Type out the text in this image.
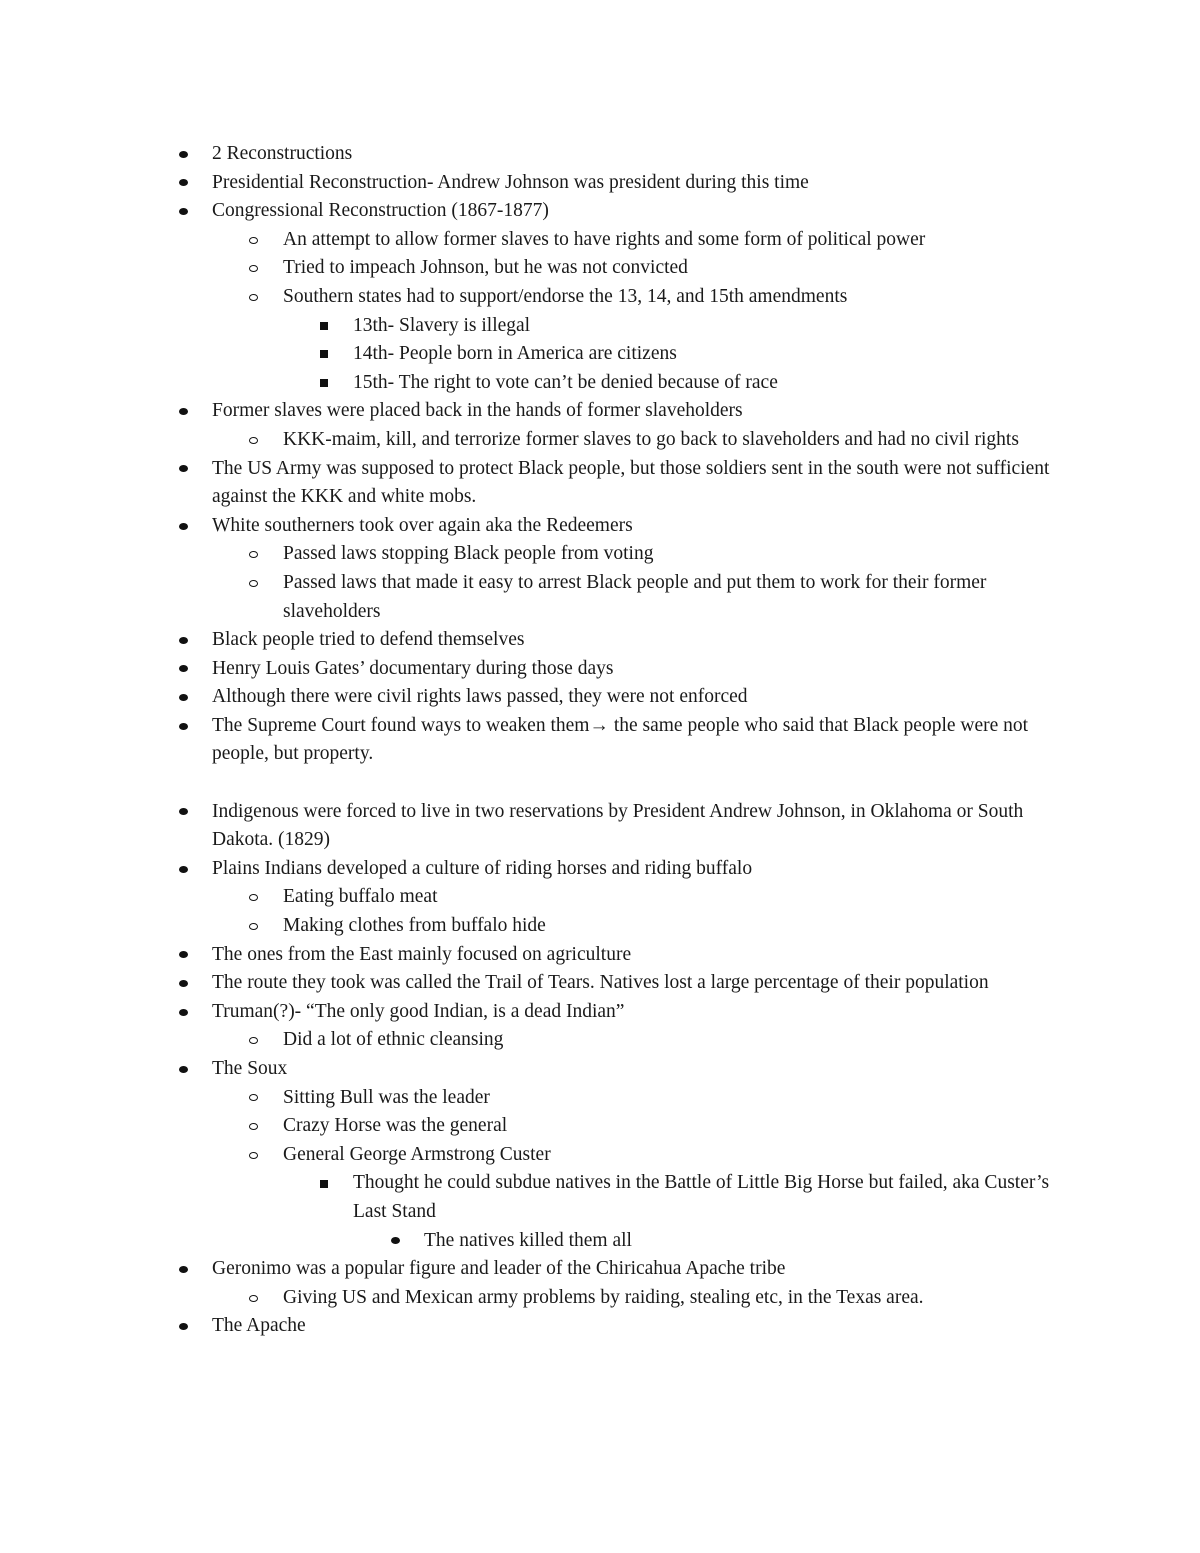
2 Reconstructions
Presidential Reconstruction- Andrew Johnson was president during this time
Congressional Reconstruction (1867-1877)
An attempt to allow former slaves to have rights and some form of political power
Tried to impeach Johnson, but he was not convicted
Southern states had to support/endorse the 13, 14, and 15th amendments
13th- Slavery is illegal
14th- People born in America are citizens
15th- The right to vote can’t be denied because of race
Former slaves were placed back in the hands of former slaveholders
KKK-maim, kill, and terrorize former slaves to go back to slaveholders and had no civil rights
The US Army was supposed to protect Black people, but those soldiers sent in the south were not sufficient against the KKK and white mobs.
White southerners took over again aka the Redeemers
Passed laws stopping Black people from voting
Passed laws that made it easy to arrest Black people and put them to work for their former slaveholders
Black people tried to defend themselves
Henry Louis Gates’ documentary during those days
Although there were civil rights laws passed, they were not enforced
The Supreme Court found ways to weaken them→ the same people who said that Black people were not people, but property.
Indigenous were forced to live in two reservations by President Andrew Johnson, in Oklahoma or South Dakota. (1829)
Plains Indians developed a culture of riding horses and riding buffalo
Eating buffalo meat
Making clothes from buffalo hide
The ones from the East mainly focused on agriculture
The route they took was called the Trail of Tears. Natives lost a large percentage of their population
Truman(?)- “The only good Indian, is a dead Indian”
Did a lot of ethnic cleansing
The Soux
Sitting Bull was the leader
Crazy Horse was the general
General George Armstrong Custer
Thought he could subdue natives in the Battle of Little Big Horse but failed, aka Custer’s Last Stand
The natives killed them all
Geronimo was a popular figure and leader of the Chiricahua Apache tribe
Giving US and Mexican army problems by raiding, stealing etc, in the Texas area.
The Apache
